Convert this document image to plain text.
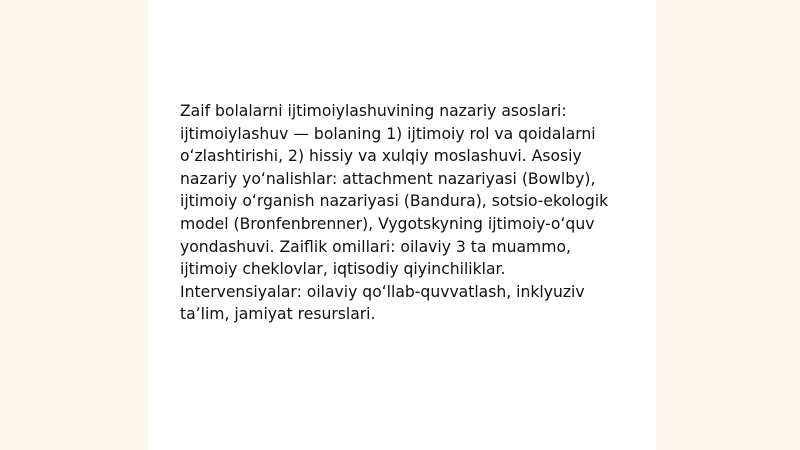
Zaif bolalarni ijtimoiylashuvining nazariy asoslari: ijtimoiylashuv — bolaning 1) ijtimoiy rol va qoidalarni oʻzlashtirishi, 2) hissiy va xulqiy moslashuvi. Asosiy nazariy yoʻnalishlar: attachment nazariyasi (Bowlby), ijtimoiy oʻrganish nazariyasi (Bandura), sotsio-ekologik model (Bronfenbrenner), Vygotskyning ijtimoiy-oʻquv yondashuvi. Zaiflik omillari: oilaviy 3 ta muammo, ijtimoiy cheklovlar, iqtisodiy qiyinchiliklar. Intervensiyalar: oilaviy qoʻllab-quvvatlash, inklyuziv taʼlim, jamiyat resurslari.
